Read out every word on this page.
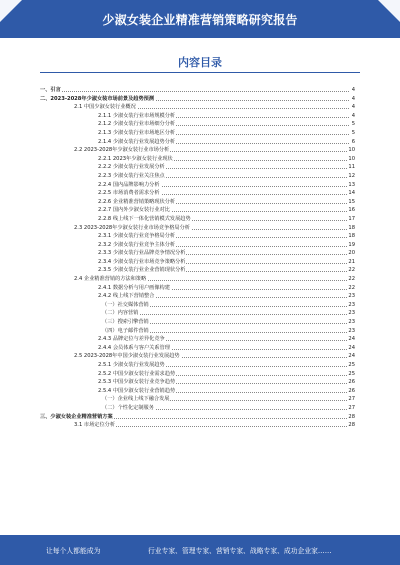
少淑女装企业精准营销策略研究报告
内容目录
一、引言	4
二、2023-2028年少淑女装市场前景及趋势预测	4
2.1 中国少淑女装行业概况	4
2.1.1 少淑女装行业市场规模分析	4
2.1.2 少淑女装行业市场细分分析	5
2.1.3 少淑女装行业市场地区分析	5
2.1.4 少淑女装行业发展趋势分析	6
2.2 2023-2028年少淑女装行业市场分析	10
2.2.1 2023年少淑女装行业现状	10
2.2.2 少淑女装行业发展分析	11
2.2.3 少淑女装行业关注焦点	12
2.2.4 国内品牌影响力分析	13
2.2.5 市场消费者需求分析	14
2.2.6 企业精准营销策略现状分析	15
2.2.7 国内外少淑女装行业对比	16
2.2.8 线上线下一体化营销模式发展趋势	17
2.3 2023-2028年少淑女装行业市场竞争格局分析	18
2.3.1 少淑女装行业竞争格局分析	18
2.3.2 少淑女装行业竞争主体分析	19
2.3.3 少淑女装行业品牌竞争情况分析	20
2.3.4 少淑女装行业市场竞争策略分析	21
2.3.5 少淑女装行业企业营销现状分析	22
2.4 企业精准营销的方法和策略	22
2.4.1 数据分析与用户画像构建	22
2.4.2 线上线下营销整合	23
（一）社交媒体营销	23
（二）内容营销	23
（三）搜索引擎营销	23
（四）电子邮件营销	23
2.4.3 品牌定位与差异化竞争	24
2.4.4 会员体系与客户关系管理	24
2.5 2023-2028年中国少淑女装行业发展趋势	24
2.5.1 少淑女装行业发展趋势	25
2.5.2 中国少淑女装行业需求趋势	25
2.5.3 中国少淑女装行业竞争趋势	26
2.5.4 中国少淑女装行业营销趋势	26
（一）企业线上线下融合发展	27
（二）个性化定制服务	27
三、少淑女装企业精准营销方案	28
3.1 市场定位分析	28
让每个人都能成为	行业专家、管理专家、营销专家、战略专家、成功企业家……
